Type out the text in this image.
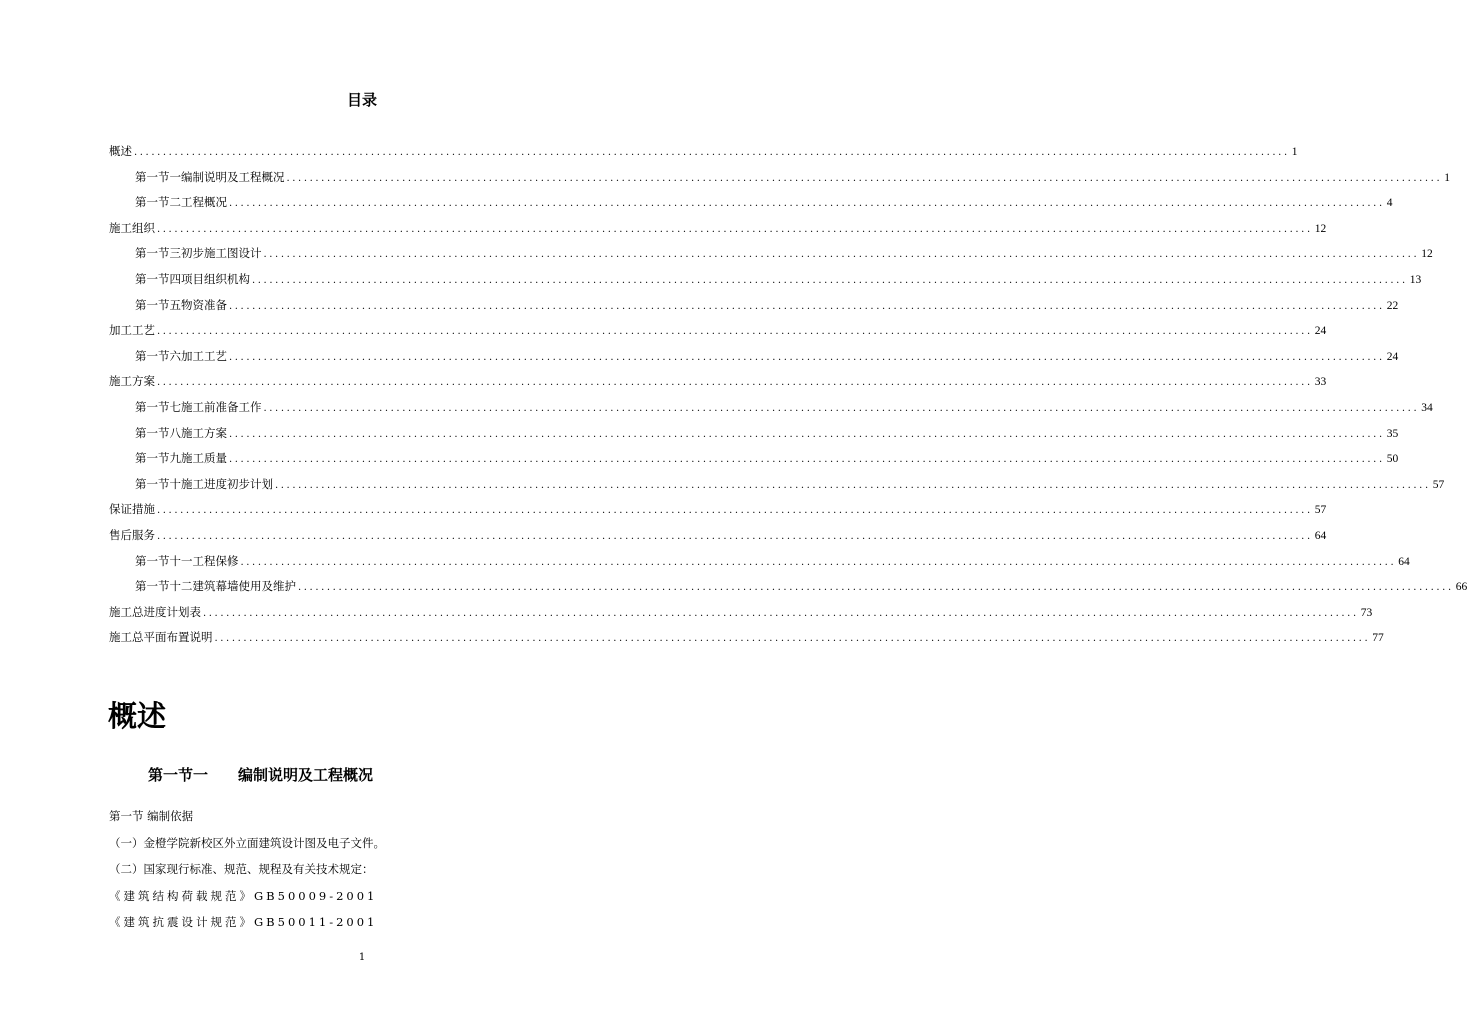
目录
概述 ........................................................................................................................................................................................................ 1
第一节一 编制说明及工程概况 ........................................................................................................................................................................................................ 1
第一节二 工程概况 ........................................................................................................................................................................................................ 4
施工组织 ........................................................................................................................................................................................................ 12
第一节三 初步施工图设计 ........................................................................................................................................................................................................ 12
第一节四 项目组织机构 ........................................................................................................................................................................................................ 13
第一节五 物资准备 ........................................................................................................................................................................................................ 22
加工工艺 ........................................................................................................................................................................................................ 24
第一节六 加工工艺 ........................................................................................................................................................................................................ 24
施工方案 ........................................................................................................................................................................................................ 33
第一节七 施工前准备工作 ........................................................................................................................................................................................................ 34
第一节八 施工方案 ........................................................................................................................................................................................................ 35
第一节九 施工质量 ........................................................................................................................................................................................................ 50
第一节十 施工进度初步计划 ........................................................................................................................................................................................................ 57
保证措施 ........................................................................................................................................................................................................ 57
售后服务 ........................................................................................................................................................................................................ 64
第一节十一 工程保修 ........................................................................................................................................................................................................ 64
第一节十二 建筑幕墙使用及维护 ........................................................................................................................................................................................................ 66
施工总进度计划表 ........................................................................................................................................................................................................ 73
施工总平面布置说明 ........................................................................................................................................................................................................ 77
概述
第一节一 编制说明及工程概况
第一节 编制依据
（一）金橙学院新校区外立面建筑设计图及电子文件。
（二）国家现行标准、规范、规程及有关技术规定：
《建筑结构荷载规范》GB50009-2001
《建筑抗震设计规范》GB50011-2001
1
